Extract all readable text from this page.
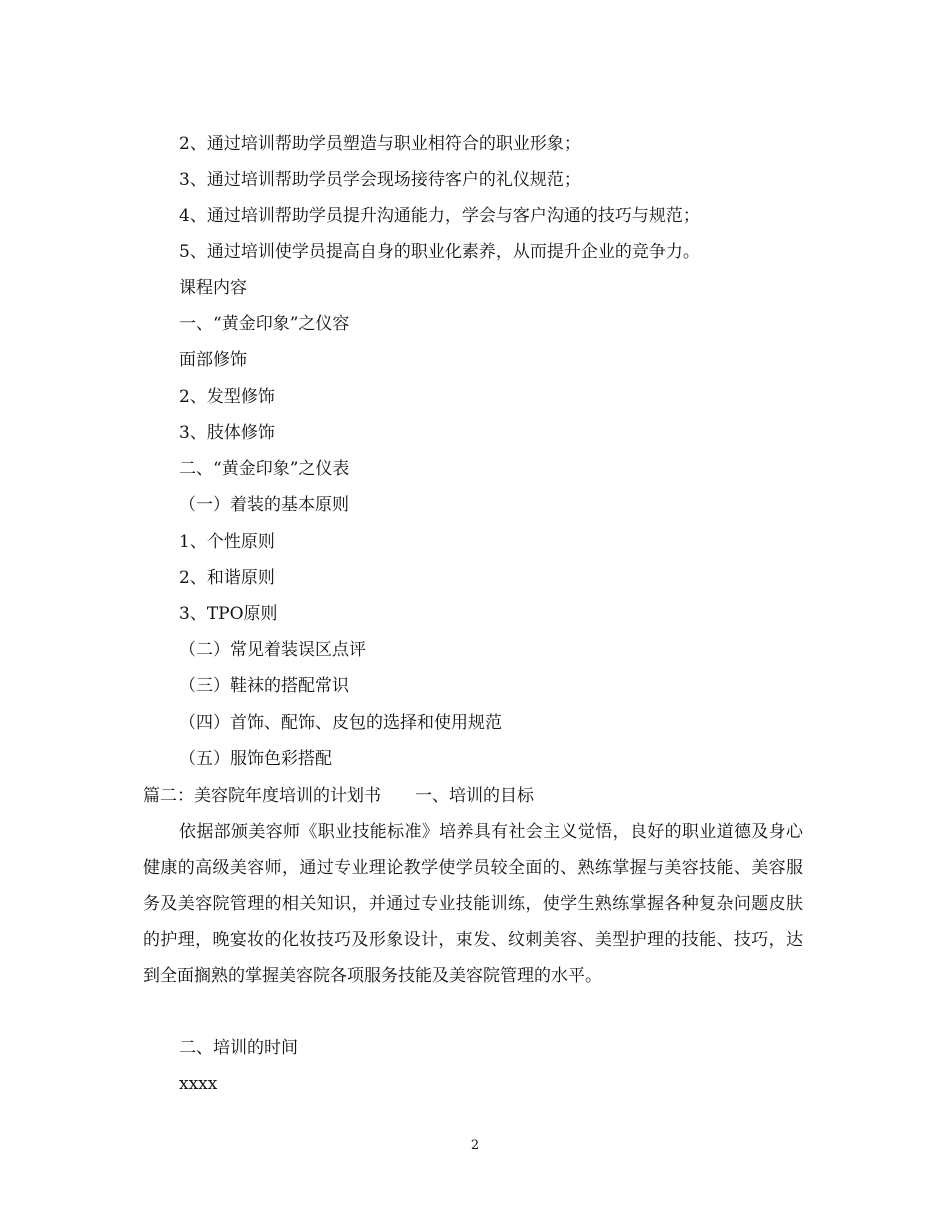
2、通过培训帮助学员塑造与职业相符合的职业形象；
3、通过培训帮助学员学会现场接待客户的礼仪规范；
4、通过培训帮助学员提升沟通能力，学会与客户沟通的技巧与规范；
5、通过培训使学员提高自身的职业化素养，从而提升企业的竞争力。
课程内容
一、“黄金印象”之仪容
面部修饰
2、发型修饰
3、肢体修饰
二、“黄金印象”之仪表
（一）着装的基本原则
1、个性原则
2、和谐原则
3、TPO原则
（二）常见着装误区点评
（三）鞋袜的搭配常识
（四）首饰、配饰、皮包的选择和使用规范
（五）服饰色彩搭配
篇二：美容院年度培训的计划书　　一、培训的目标
依据部颁美容师《职业技能标准》培养具有社会主义觉悟，良好的职业道德及身心健康的高级美容师，通过专业理论教学使学员较全面的、熟练掌握与美容技能、美容服务及美容院管理的相关知识，并通过专业技能训练，使学生熟练掌握各种复杂问题皮肤的护理，晚宴妆的化妆技巧及形象设计，束发、纹刺美容、美型护理的技能、技巧，达到全面搁熟的掌握美容院各项服务技能及美容院管理的水平。
二、培训的时间
xxxx
2
